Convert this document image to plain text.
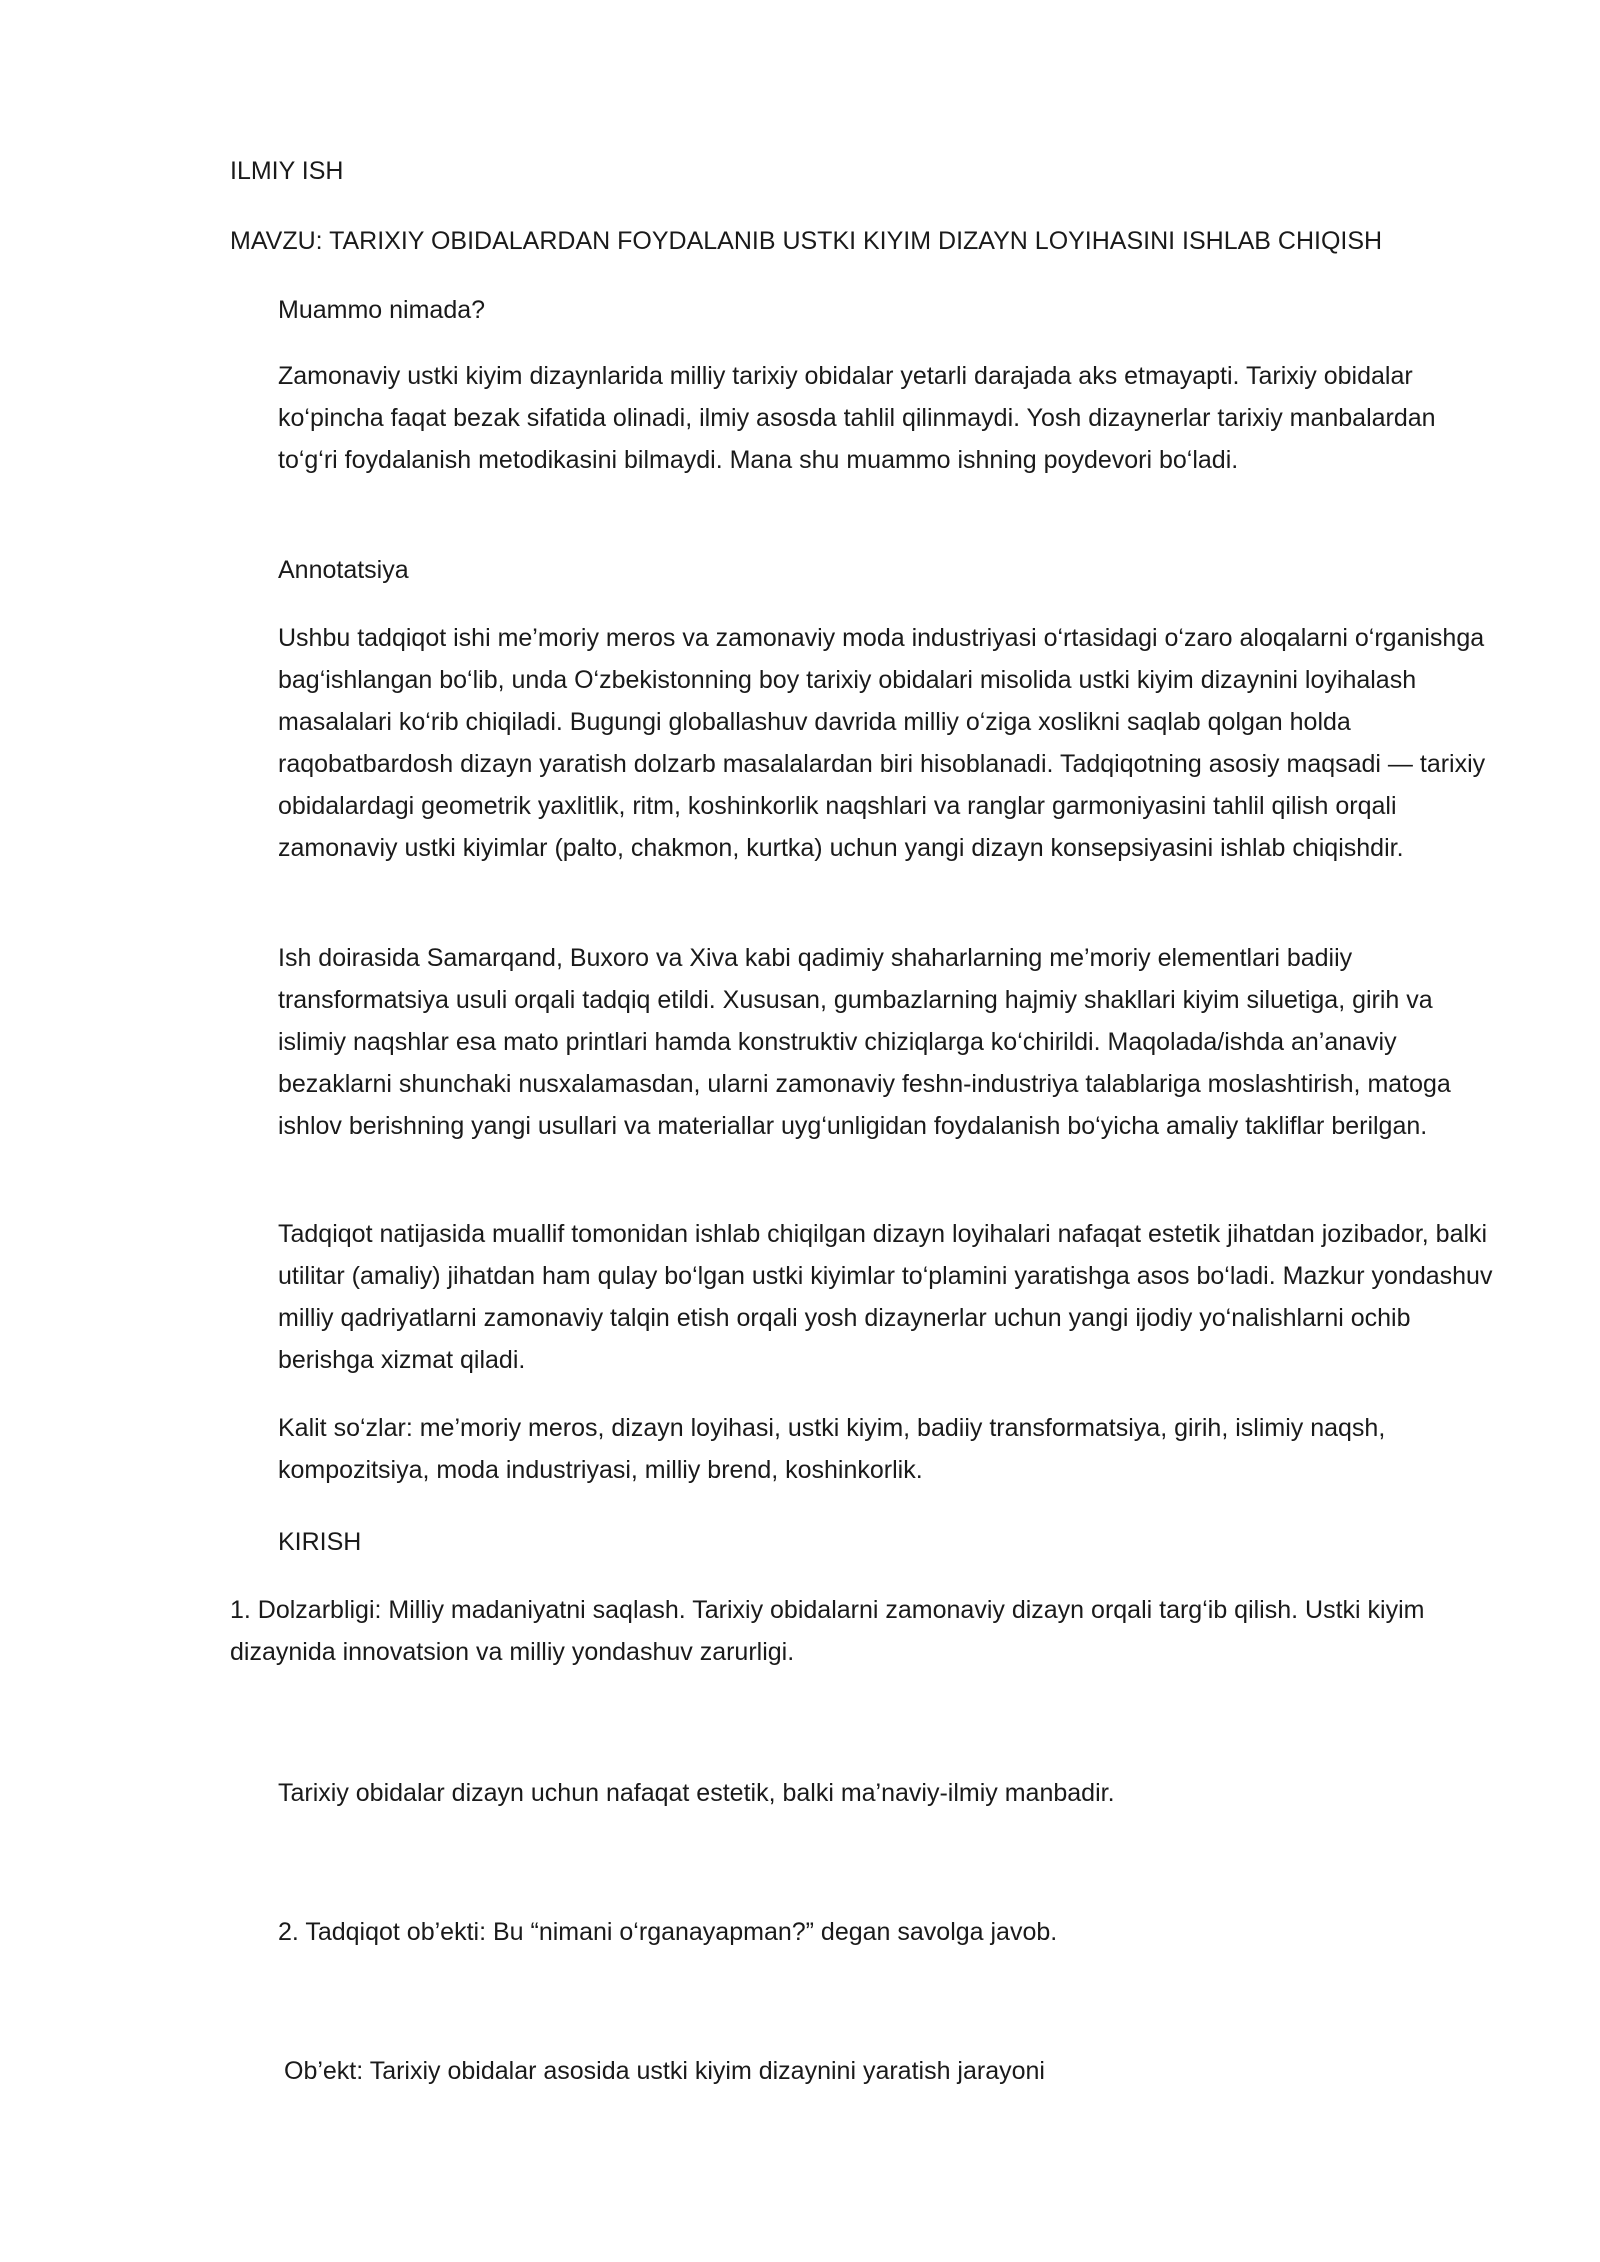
ILMIY ISH

MAVZU: TARIXIY OBIDALARDAN FOYDALANIB USTKI KIYIM DIZAYN LOYIHASINI ISHLAB CHIQISH

Muammo nimada?

Zamonaviy ustki kiyim dizaynlarida milliy tarixiy obidalar yetarli darajada aks etmayapti. Tarixiy obidalar ko‘pincha faqat bezak sifatida olinadi, ilmiy asosda tahlil qilinmaydi. Yosh dizaynerlar tarixiy manbalardan to‘g‘ri foydalanish metodikasini bilmaydi. Mana shu muammo ishning poydevori bo‘ladi.

Annotatsiya

Ushbu tadqiqot ishi me’moriy meros va zamonaviy moda industriyasi o‘rtasidagi o‘zaro aloqalarni o‘rganishga bag‘ishlangan bo‘lib, unda O‘zbekistonning boy tarixiy obidalari misolida ustki kiyim dizaynini loyihalash masalalari ko‘rib chiqiladi. Bugungi globallashuv davrida milliy o‘ziga xoslikni saqlab qolgan holda raqobatbardosh dizayn yaratish dolzarb masalalardan biri hisoblanadi. Tadqiqotning asosiy maqsadi — tarixiy obidalardagi geometrik yaxlitlik, ritm, koshinkorlik naqshlari va ranglar garmoniyasini tahlil qilish orqali zamonaviy ustki kiyimlar (palto, chakmon, kurtka) uchun yangi dizayn konsepsiyasini ishlab chiqishdir.

Ish doirasida Samarqand, Buxoro va Xiva kabi qadimiy shaharlarning me’moriy elementlari badiiy transformatsiya usuli orqali tadqiq etildi. Xususan, gumbazlarning hajmiy shakllari kiyim siluetiga, girih va islimiy naqshlar esa mato printlari hamda konstruktiv chiziqlarga ko‘chirildi. Maqolada/ishda an’anaviy bezaklarni shunchaki nusxalamasdan, ularni zamonaviy feshn-industriya talablariga moslashtirish, matoga ishlov berishning yangi usullari va materiallar uyg‘unligidan foydalanish bo‘yicha amaliy takliflar berilgan.

Tadqiqot natijasida muallif tomonidan ishlab chiqilgan dizayn loyihalari nafaqat estetik jihatdan jozibador, balki utilitar (amaliy) jihatdan ham qulay bo‘lgan ustki kiyimlar to‘plamini yaratishga asos bo‘ladi. Mazkur yondashuv milliy qadriyatlarni zamonaviy talqin etish orqali yosh dizaynerlar uchun yangi ijodiy yo‘nalishlarni ochib berishga xizmat qiladi.

Kalit so‘zlar: me’moriy meros, dizayn loyihasi, ustki kiyim, badiiy transformatsiya, girih, islimiy naqsh, kompozitsiya, moda industriyasi, milliy brend, koshinkorlik.

KIRISH

1. Dolzarbligi: Milliy madaniyatni saqlash. Tarixiy obidalarni zamonaviy dizayn orqali targ‘ib qilish. Ustki kiyim dizaynida innovatsion va milliy yondashuv zarurligi.

Tarixiy obidalar dizayn uchun nafaqat estetik, balki ma’naviy-ilmiy manbadir.

2. Tadqiqot ob’ekti: Bu “nimani o‘rganayapman?” degan savolga javob.

Ob’ekt: Tarixiy obidalar asosida ustki kiyim dizaynini yaratish jarayoni
